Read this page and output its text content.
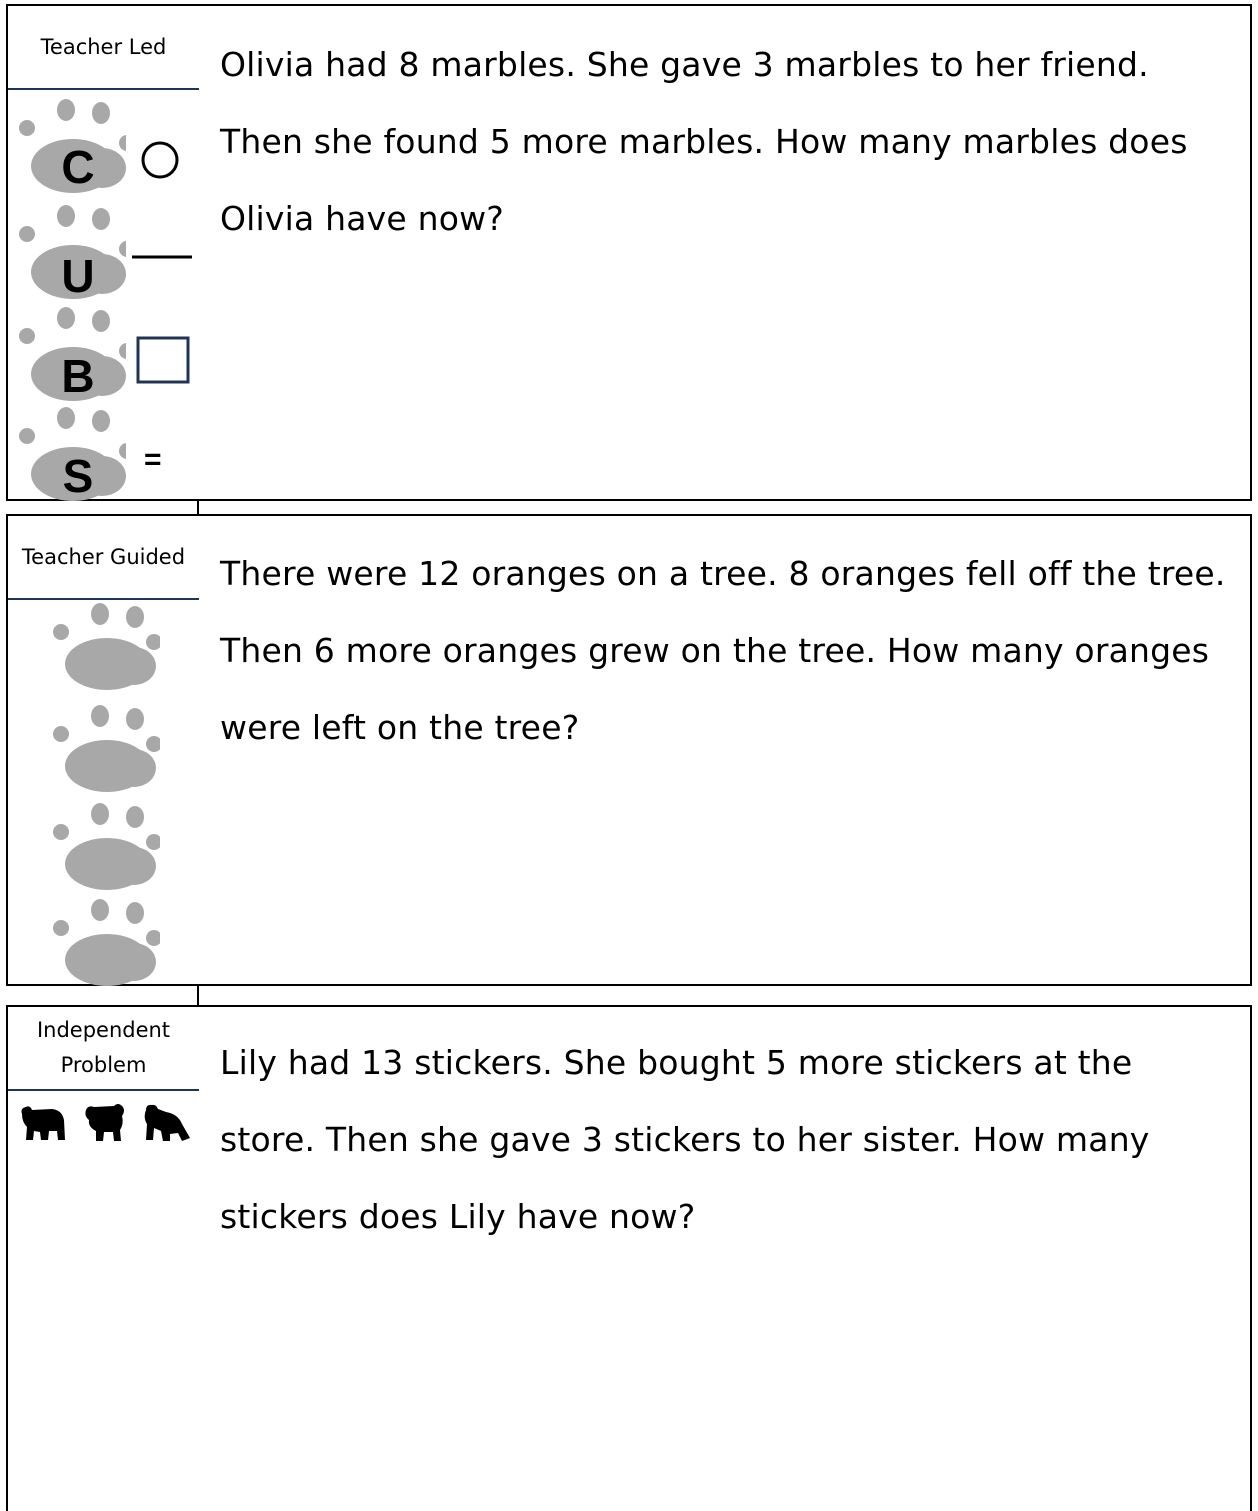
Teacher Led
C
U
B
S =
Olivia had 8 marbles. She gave 3 marbles to her friend. Then she found 5 more marbles. How many marbles does Olivia have now?
Teacher Guided	There were 12 oranges on a tree. 8 oranges fell off the tree. Then 6 more oranges grew on the tree. How many oranges were left on the tree?
Independent Problem	Lily had 13 stickers. She bought 5 more stickers at the store. Then she gave 3 stickers to her sister. How many stickers does Lily have now?
